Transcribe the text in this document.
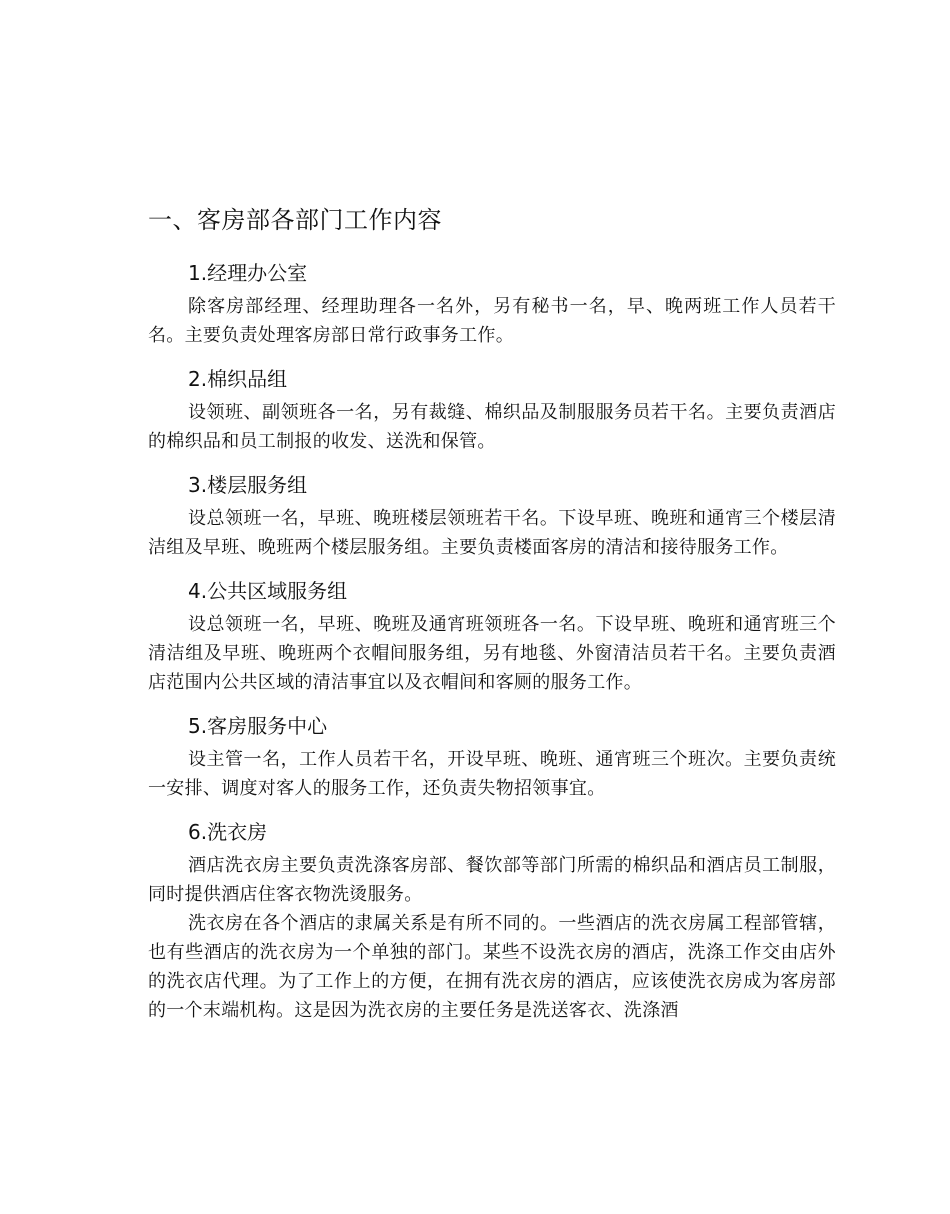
一、客房部各部门工作内容
1.经理办公室

除客房部经理、经理助理各一名外，另有秘书一名，早、晚两班工作人员若干名。主要负责处理客房部日常行政事务工作。

2.棉织品组

设领班、副领班各一名，另有裁缝、棉织品及制服服务员若干名。主要负责酒店的棉织品和员工制报的收发、送洗和保管。

3.楼层服务组

设总领班一名，早班、晚班楼层领班若干名。下设早班、晚班和通宵三个楼层清洁组及早班、晚班两个楼层服务组。主要负责楼面客房的清洁和接待服务工作。

4.公共区域服务组

设总领班一名，早班、晚班及通宵班领班各一名。下设早班、晚班和通宵班三个清洁组及早班、晚班两个衣帽间服务组，另有地毯、外窗清洁员若干名。主要负责酒店范围内公共区域的清洁事宜以及衣帽间和客厕的服务工作。

5.客房服务中心

设主管一名，工作人员若干名，开设早班、晚班、通宵班三个班次。主要负责统一安排、调度对客人的服务工作，还负责失物招领事宜。

6.洗衣房

酒店洗衣房主要负责洗涤客房部、餐饮部等部门所需的棉织品和酒店员工制服，同时提供酒店住客衣物洗烫服务。

洗衣房在各个酒店的隶属关系是有所不同的。一些酒店的洗衣房属工程部管辖，也有些酒店的洗衣房为一个单独的部门。某些不设洗衣房的酒店，洗涤工作交由店外的洗衣店代理。为了工作上的方便，在拥有洗衣房的酒店，应该使洗衣房成为客房部的一个末端机构。这是因为洗衣房的主要任务是洗送客衣、洗涤酒
